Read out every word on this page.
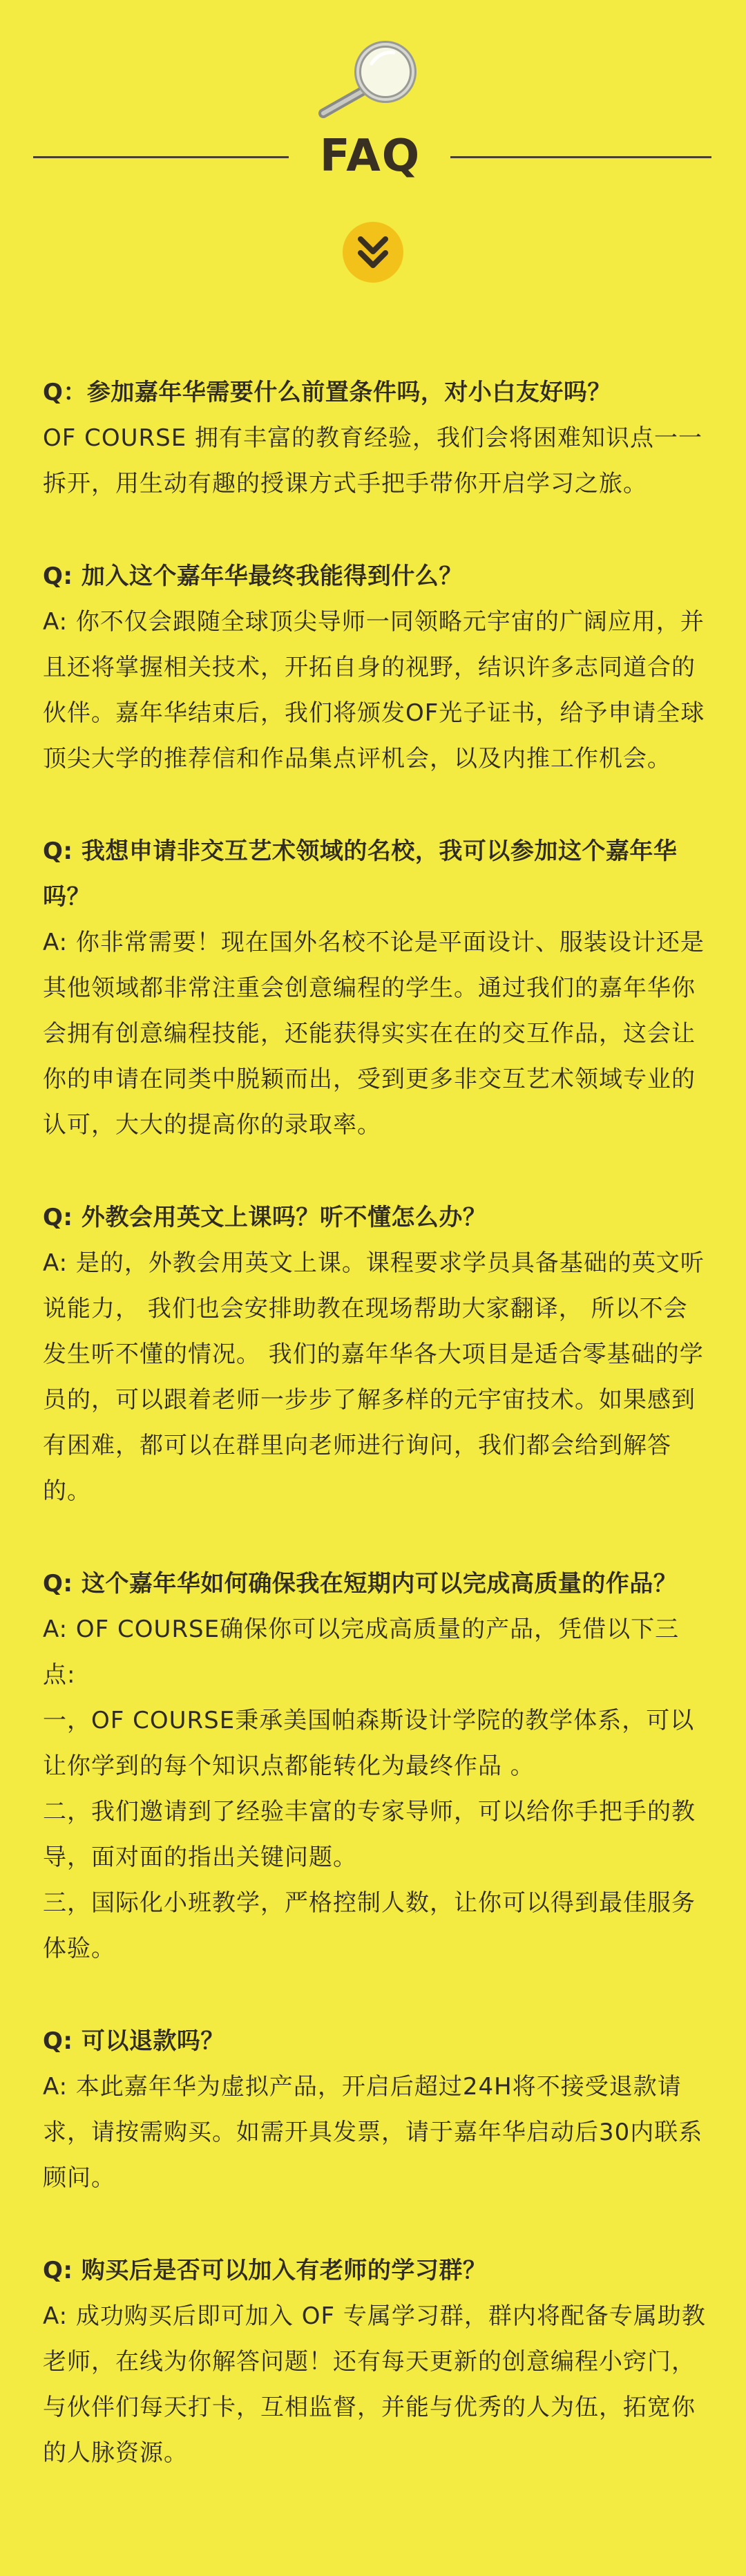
FAQ
Q：参加嘉年华需要什么前置条件吗，对小白友好吗？
OF COURSE 拥有丰富的教育经验，我们会将困难知识点一一拆开，用生动有趣的授课方式手把手带你开启学习之旅。
Q: 加入这个嘉年华最终我能得到什么？
A: 你不仅会跟随全球顶尖导师一同领略元宇宙的广阔应用，并且还将掌握相关技术，开拓自身的视野，结识许多志同道合的伙伴。嘉年华结束后，我们将颁发OF光子证书，给予申请全球顶尖大学的推荐信和作品集点评机会，以及内推工作机会。
Q: 我想申请非交互艺术领域的名校，我可以参加这个嘉年华吗？
A: 你非常需要！现在国外名校不论是平面设计、服装设计还是其他领域都非常注重会创意编程的学生。通过我们的嘉年华你会拥有创意编程技能，还能获得实实在在的交互作品，这会让你的申请在同类中脱颖而出，受到更多非交互艺术领域专业的认可，大大的提高你的录取率。
Q: 外教会用英文上课吗？听不懂怎么办？
A: 是的，外教会用英文上课。课程要求学员具备基础的英文听说能力， 我们也会安排助教在现场帮助大家翻译， 所以不会发生听不懂的情况。 我们的嘉年华各大项目是适合零基础的学员的，可以跟着老师一步步了解多样的元宇宙技术。如果感到有困难，都可以在群里向老师进行询问，我们都会给到解答的。
Q: 这个嘉年华如何确保我在短期内可以完成高质量的作品？
A: OF COURSE确保你可以完成高质量的产品，凭借以下三点:
一，OF COURSE秉承美国帕森斯设计学院的教学体系，可以让你学到的每个知识点都能转化为最终作品 。
二，我们邀请到了经验丰富的专家导师，可以给你手把手的教导，面对面的指出关键问题。
三，国际化小班教学，严格控制人数，让你可以得到最佳服务体验。
Q: 可以退款吗？
A: 本此嘉年华为虚拟产品，开启后超过24H将不接受退款请求，请按需购买。如需开具发票，请于嘉年华启动后30内联系顾问。
Q: 购买后是否可以加入有老师的学习群？
A: 成功购买后即可加入 OF 专属学习群，群内将配备专属助教老师，在线为你解答问题！还有每天更新的创意编程小窍门，与伙伴们每天打卡，互相监督，并能与优秀的人为伍，拓宽你的人脉资源。
